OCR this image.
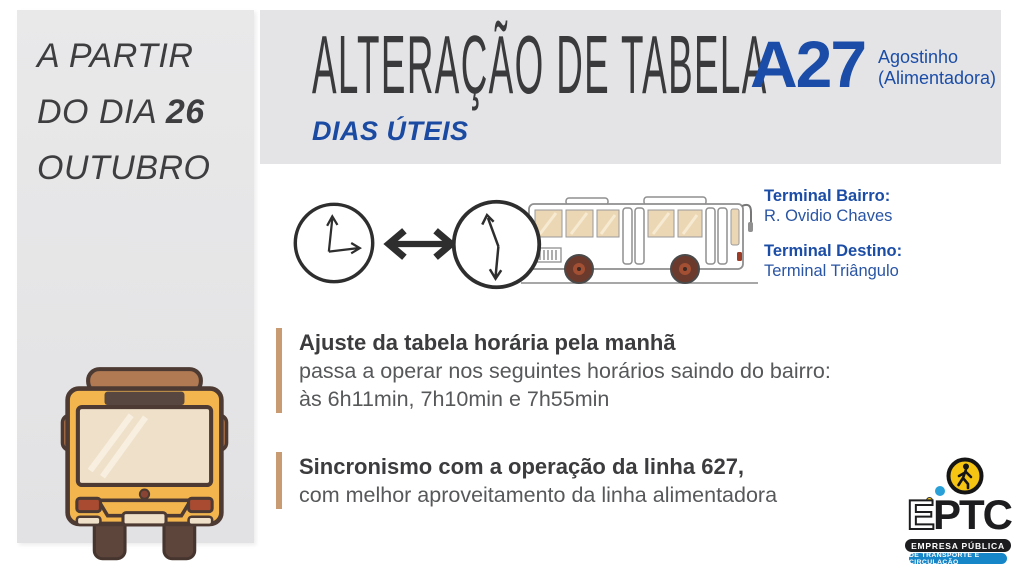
A PARTIR
DO DIA 26
OUTUBRO
ALTERAÇÃO DE TABELA
DIAS ÚTEIS
A27 Agostinho
(Alimentadora)
Terminal Bairro:
R. Ovidio Chaves
Terminal Destino:
Terminal Triângulo
Ajuste da tabela horária pela manhã
passa a operar nos seguintes horários saindo do bairro:
às 6h11min, 7h10min e 7h55min
Sincronismo com a operação da linha 627,
com melhor aproveitamento da linha alimentadora	EPTC
EMPRESA PÚBLICA
DE TRANSPORTE E CIRCULAÇÃO
